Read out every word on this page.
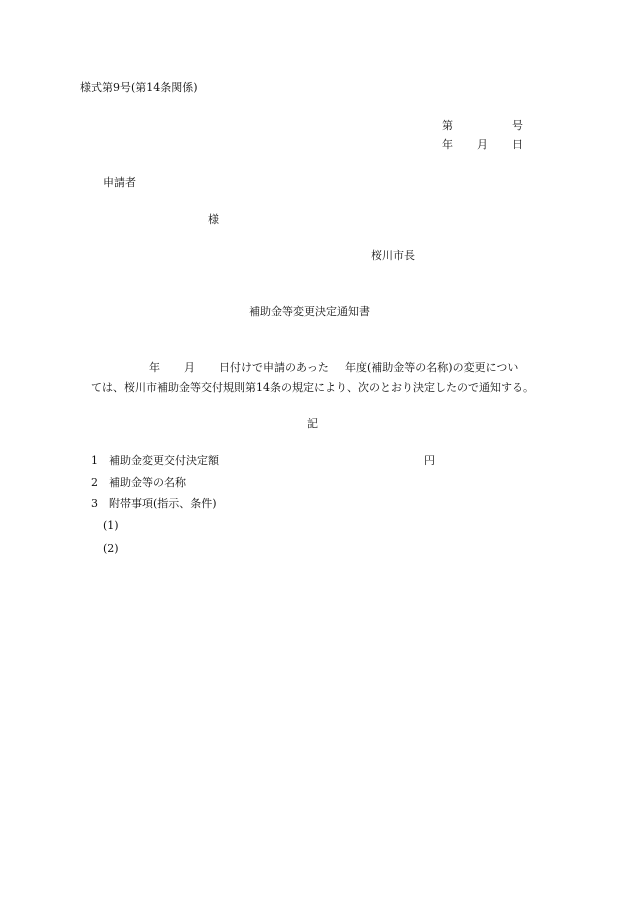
様式第9号(第14条関係)
第	号
年 月 日
申請者
様
桜川市長
補助金等変更決定通知書
年 月 日付けで申請のあった 年度(補助金等の名称)の変更につい
ては、桜川市補助金等交付規則第14条の規定により、次のとおり決定したので通知する。
記
1 補助金変更交付決定額	円
2 補助金等の名称
3 附帯事項(指示、条件)
(1)
(2)
